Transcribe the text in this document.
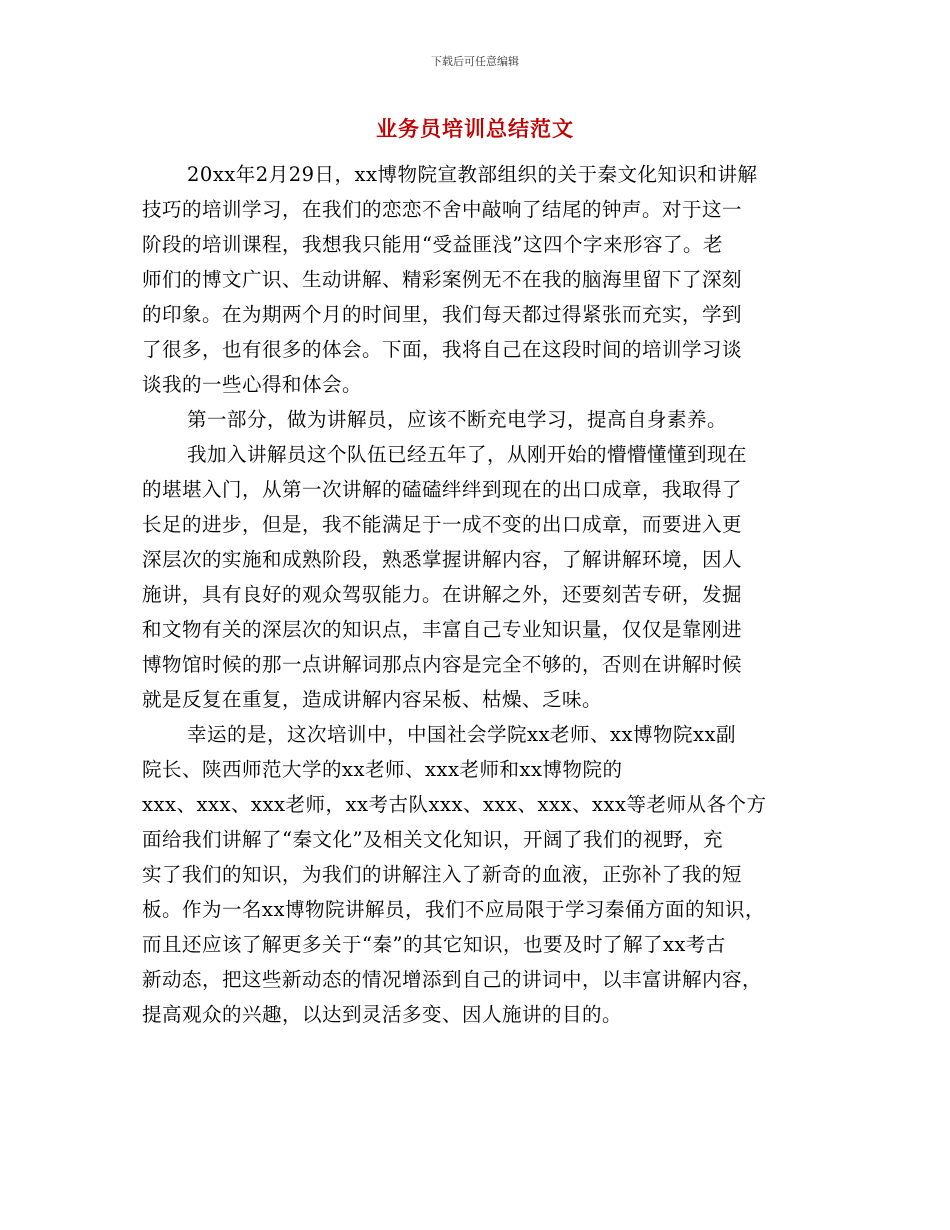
下载后可任意编辑
业务员培训总结范文
20xx年2月29日，xx博物院宣教部组织的关于秦文化知识和讲解
技巧的培训学习，在我们的恋恋不舍中敲响了结尾的钟声。对于这一
阶段的培训课程，我想我只能用“受益匪浅”这四个字来形容了。老
师们的博文广识、生动讲解、精彩案例无不在我的脑海里留下了深刻
的印象。在为期两个月的时间里，我们每天都过得紧张而充实，学到
了很多，也有很多的体会。下面，我将自己在这段时间的培训学习谈
谈我的一些心得和体会。
第一部分，做为讲解员，应该不断充电学习，提高自身素养。
我加入讲解员这个队伍已经五年了，从刚开始的懵懵懂懂到现在
的堪堪入门，从第一次讲解的磕磕绊绊到现在的出口成章，我取得了
长足的进步，但是，我不能满足于一成不变的出口成章，而要进入更
深层次的实施和成熟阶段，熟悉掌握讲解内容，了解讲解环境，因人
施讲，具有良好的观众驾驭能力。在讲解之外，还要刻苦专研，发掘
和文物有关的深层次的知识点，丰富自己专业知识量，仅仅是靠刚进
博物馆时候的那一点讲解词那点内容是完全不够的，否则在讲解时候
就是反复在重复，造成讲解内容呆板、枯燥、乏味。
幸运的是，这次培训中，中国社会学院xx老师、xx博物院xx副
院长、陕西师范大学的xx老师、xxx老师和xx博物院的
xxx、xxx、xxx老师，xx考古队xxx、xxx、xxx、xxx等老师从各个方
面给我们讲解了“秦文化”及相关文化知识，开阔了我们的视野，充
实了我们的知识，为我们的讲解注入了新奇的血液，正弥补了我的短
板。作为一名xx博物院讲解员，我们不应局限于学习秦俑方面的知识，
而且还应该了解更多关于“秦”的其它知识，也要及时了解了xx考古
新动态，把这些新动态的情况增添到自己的讲词中，以丰富讲解内容，
提高观众的兴趣，以达到灵活多变、因人施讲的目的。
